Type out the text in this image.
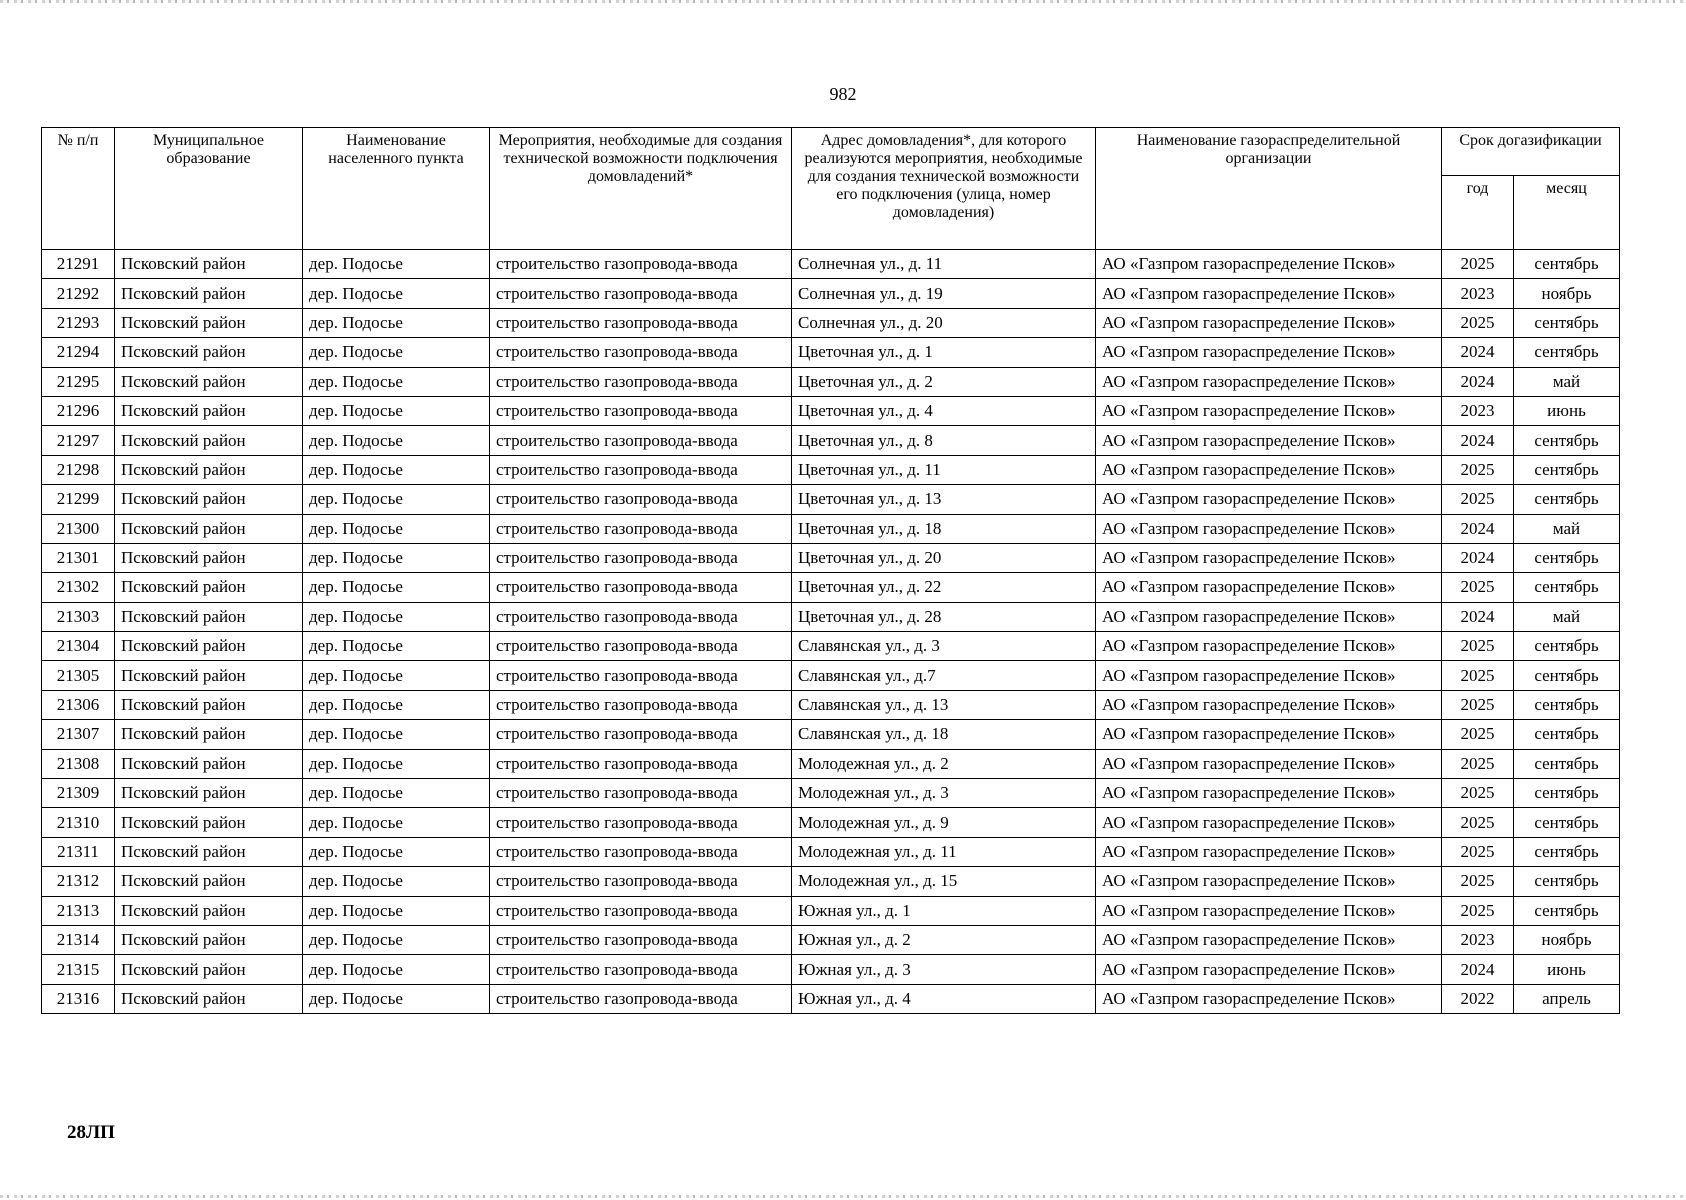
982
№ п/п	Муниципальное образование	Наименование населенного пункта	Мероприятия, необходимые для создания технической возможности подключения домовладений*	Адрес домовладения*, для которого реализуются мероприятия, необходимые для создания технической возможности его подключения (улица, номер домовладения)	Наименование газораспределительной организации	Срок догазификации	
						год	месяц
21291	Псковский район	дер. Подосье	строительство газопровода-ввода	Солнечная ул., д. 11	АО «Газпром газораспределение Псков»	2025	сентябрь
21292	Псковский район	дер. Подосье	строительство газопровода-ввода	Солнечная ул., д. 19	АО «Газпром газораспределение Псков»	2023	ноябрь
21293	Псковский район	дер. Подосье	строительство газопровода-ввода	Солнечная ул., д. 20	АО «Газпром газораспределение Псков»	2025	сентябрь
21294	Псковский район	дер. Подосье	строительство газопровода-ввода	Цветочная ул., д. 1	АО «Газпром газораспределение Псков»	2024	сентябрь
21295	Псковский район	дер. Подосье	строительство газопровода-ввода	Цветочная ул., д. 2	АО «Газпром газораспределение Псков»	2024	май
21296	Псковский район	дер. Подосье	строительство газопровода-ввода	Цветочная ул., д. 4	АО «Газпром газораспределение Псков»	2023	июнь
21297	Псковский район	дер. Подосье	строительство газопровода-ввода	Цветочная ул., д. 8	АО «Газпром газораспределение Псков»	2024	сентябрь
21298	Псковский район	дер. Подосье	строительство газопровода-ввода	Цветочная ул., д. 11	АО «Газпром газораспределение Псков»	2025	сентябрь
21299	Псковский район	дер. Подосье	строительство газопровода-ввода	Цветочная ул., д. 13	АО «Газпром газораспределение Псков»	2025	сентябрь
21300	Псковский район	дер. Подосье	строительство газопровода-ввода	Цветочная ул., д. 18	АО «Газпром газораспределение Псков»	2024	май
21301	Псковский район	дер. Подосье	строительство газопровода-ввода	Цветочная ул., д. 20	АО «Газпром газораспределение Псков»	2024	сентябрь
21302	Псковский район	дер. Подосье	строительство газопровода-ввода	Цветочная ул., д. 22	АО «Газпром газораспределение Псков»	2025	сентябрь
21303	Псковский район	дер. Подосье	строительство газопровода-ввода	Цветочная ул., д. 28	АО «Газпром газораспределение Псков»	2024	май
21304	Псковский район	дер. Подосье	строительство газопровода-ввода	Славянская ул., д. 3	АО «Газпром газораспределение Псков»	2025	сентябрь
21305	Псковский район	дер. Подосье	строительство газопровода-ввода	Славянская ул., д.7	АО «Газпром газораспределение Псков»	2025	сентябрь
21306	Псковский район	дер. Подосье	строительство газопровода-ввода	Славянская ул., д. 13	АО «Газпром газораспределение Псков»	2025	сентябрь
21307	Псковский район	дер. Подосье	строительство газопровода-ввода	Славянская ул., д. 18	АО «Газпром газораспределение Псков»	2025	сентябрь
21308	Псковский район	дер. Подосье	строительство газопровода-ввода	Молодежная ул., д. 2	АО «Газпром газораспределение Псков»	2025	сентябрь
21309	Псковский район	дер. Подосье	строительство газопровода-ввода	Молодежная ул., д. 3	АО «Газпром газораспределение Псков»	2025	сентябрь
21310	Псковский район	дер. Подосье	строительство газопровода-ввода	Молодежная ул., д. 9	АО «Газпром газораспределение Псков»	2025	сентябрь
21311	Псковский район	дер. Подосье	строительство газопровода-ввода	Молодежная ул., д. 11	АО «Газпром газораспределение Псков»	2025	сентябрь
21312	Псковский район	дер. Подосье	строительство газопровода-ввода	Молодежная ул., д. 15	АО «Газпром газораспределение Псков»	2025	сентябрь
21313	Псковский район	дер. Подосье	строительство газопровода-ввода	Южная ул., д. 1	АО «Газпром газораспределение Псков»	2025	сентябрь
21314	Псковский район	дер. Подосье	строительство газопровода-ввода	Южная ул., д. 2	АО «Газпром газораспределение Псков»	2023	ноябрь
21315	Псковский район	дер. Подосье	строительство газопровода-ввода	Южная ул., д. 3	АО «Газпром газораспределение Псков»	2024	июнь
21316	Псковский район	дер. Подосье	строительство газопровода-ввода	Южная ул., д. 4	АО «Газпром газораспределение Псков»	2022	апрель
28ЛП
